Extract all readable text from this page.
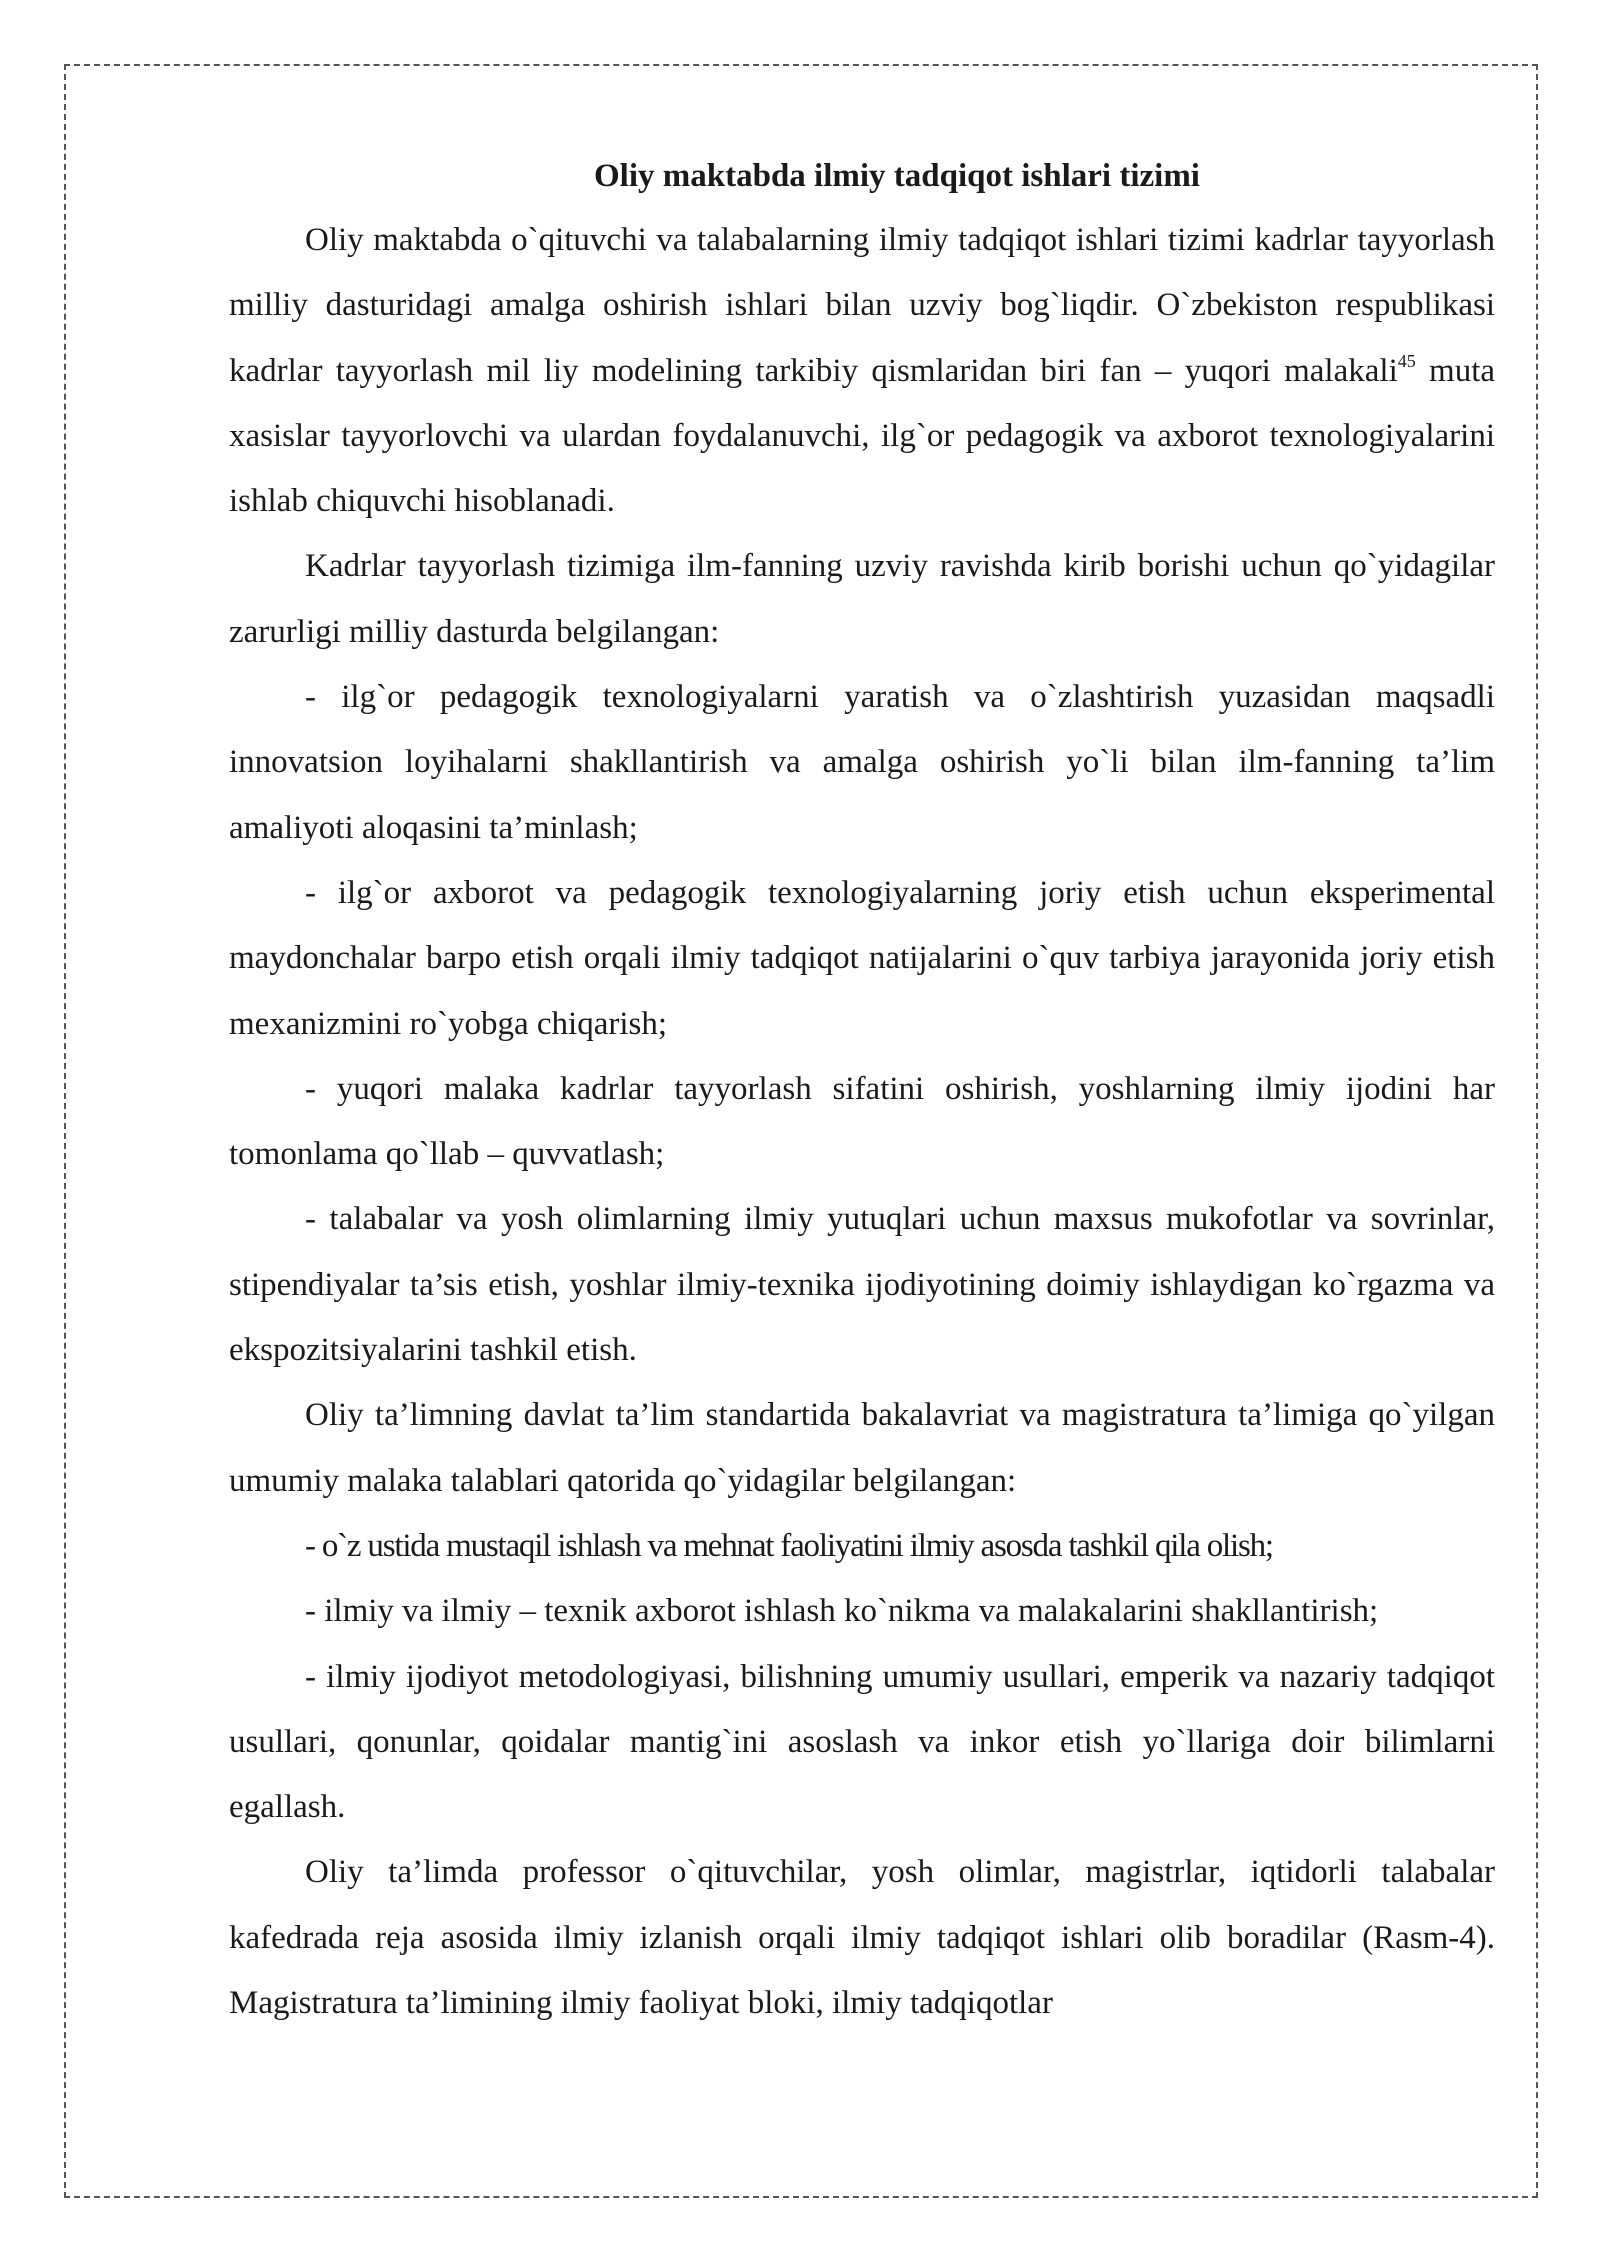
Oliy maktabda ilmiy tadqiqot ishlari tizimi

Oliy maktabda o`qituvchi va talabalarning ilmiy tadqiqot ishlari tizimi kadrlar tayyorlash milliy dasturidagi amalga oshirish ishlari bilan uzviy bog`liqdir. O`zbekiston respublikasi kadrlar tayyorlash mil liy modelining tarkibiy qismlaridan biri fan – yuqori malakali$^{45}$ muta xasislar tayyorlovchi va ulardan foydalanuvchi, ilg`or pedagogik va axborot texnologiyalarini ishlab chiquvchi hisoblanadi.

Kadrlar tayyorlash tizimiga ilm-fanning uzviy ravishda kirib borishi uchun qo`yidagilar zarurligi milliy dasturda belgilangan:

- ilg`or pedagogik texnologiyalarni yaratish va o`zlashtirish yuzasidan maqsadli innovatsion loyihalarni shakllantirish va amalga oshirish yo`li bilan ilm-fanning ta’lim amaliyoti aloqasini ta’minlash;

- ilg`or axborot va pedagogik texnologiyalarning joriy etish uchun eksperimental maydonchalar barpo etish orqali ilmiy tadqiqot natijalarini o`quv tarbiya jarayonida joriy etish mexanizmini ro`yobga chiqarish;

- yuqori malaka kadrlar tayyorlash sifatini oshirish, yoshlarning ilmiy ijodini har tomonlama qo`llab – quvvatlash;

- talabalar va yosh olimlarning ilmiy yutuqlari uchun maxsus mukofotlar va sovrinlar, stipendiyalar ta’sis etish, yoshlar ilmiy-texnika ijodiyotining doimiy ishlaydigan ko`rgazma va ekspozitsiyalarini tashkil etish.

Oliy ta’limning davlat ta’lim standartida bakalavriat va magistratura ta’limiga qo`yilgan umumiy malaka talablari qatorida qo`yidagilar belgilangan:

- o`z ustida mustaqil ishlash va mehnat faoliyatini ilmiy asosda tashkil qila olish;

- ilmiy va ilmiy – texnik axborot ishlash ko`nikma va malakalarini shakllantirish;

- ilmiy ijodiyot metodologiyasi, bilishning umumiy usullari, emperik va nazariy tadqiqot usullari, qonunlar, qoidalar mantig`ini asoslash va inkor etish yo`llariga doir bilimlarni egallash.

Oliy ta’limda professor o`qituvchilar, yosh olimlar, magistrlar, iqtidorli talabalar kafedrada reja asosida ilmiy izlanish orqali ilmiy tadqiqot ishlari olib boradilar (Rasm-4). Magistratura ta’limining ilmiy faoliyat bloki, ilmiy tadqiqotlar
